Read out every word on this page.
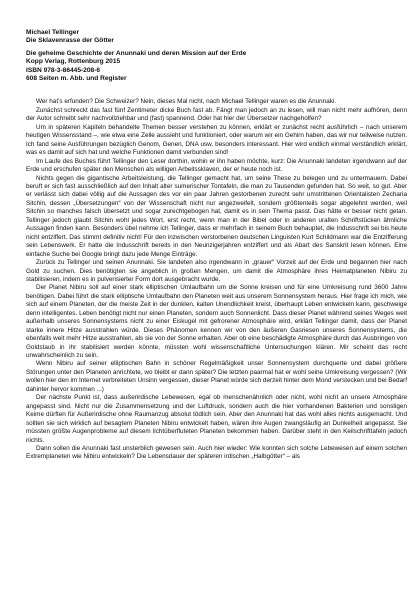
Michael Tellinger
Die Sklavenrasse der Götter
Die geheime Geschichte der Anunnaki und deren Mission auf der Erde
Kopp Verlag, Rottenburg 2015
ISBN 978-3-86445-208-6
608 Seiten m. Abb. und Register

Wer hat’s erfunden? Die Schweizer? Nein, dieses Mal nicht, nach Michael Tellinger waren es die Anunnaki.

Zunächst schreckt das fast fünf Zentimeter dicke Buch fast ab. Fängt man jedoch an zu lesen, will man nicht mehr aufhören, denn der Autor schreibt sehr nachvollziehbar und (fast) spannend. Oder hat hier der Übersetzer nachgeholfen?

Um in späteren Kapiteln behandelte Themen besser verstehen zu können, erklärt er zunächst recht ausführlich – nach unserem heutigen Wissensstand –, wie etwa eine Zelle aussieht und funktioniert, oder warum wir ein Gehirn haben, das wir nur teilweise nutzen. Ich fand seine Ausführungen bezüglich Genom, Genen, DNA usw. besonders interessant. Hier wird endlich einmal verständlich erklärt, was es damit auf sich hat und welche Funktionen damit verbunden sind!

Im Laufe des Buches führt Tellinger den Leser dorthin, wohin er ihn haben möchte, kurz: Die Anunnaki landeten irgendwann auf der Erde und erschufen später den Menschen als willigen Arbeitssklaven, der er heute noch ist.

Nichts gegen die gigantische Arbeitsleistung, die Tellinger gemacht hat, um seine These zu belegen und zu untermauern. Dabei beruft er sich fast ausschließlich auf den Inhalt alter sumerischer Tontafeln, die man zu Tausenden gefunden hat. So weit, so gut. Aber er verlässt sich dabei völlig auf die Aussagen des vor ein paar Jahren gestorbenen zurecht sehr umstrittenen Orientalisten Zecharia Sitchin, dessen „Übersetzungen“ von der Wissenschaft nicht nur angezweifelt, sondern größtenteils sogar abgelehnt werden, weil Sitchin so manches falsch übersetzt und sogar zurechtgebogen hat, damit es in sein Thema passt. Das hätte er besser nicht getan. Tellinger jedoch glaubt Sitchin wohl jedes Wort, erst recht, wenn man in der Bibel oder in anderen uralten Schriftstücken ähnliche Aussagen finden kann. Besonders übel nehme ich Tellinger, dass er mehrfach in seinem Buch behauptet, die Indusschrift sei bis heute nicht entziffert. Das stimmt definitiv nicht! Für den inzwischen verstorbenen deutschen Linguisten Kurt Schildmann war die Entzifferung sein Lebenswerk. Er hatte die Indusschrift bereits in den Neunzigerjahren entziffert und als Abart des Sanskrit lesen können. Eine einfache Suche bei Google bringt dazu jede Menge Einträge.

Zurück zu Tellinger und seinen Anunnaki. Sie landeten also irgendwann in „grauer“ Vorzeit auf der Erde und begannen hier nach Gold zu suchen. Dies benötigten sie angeblich in großen Mengen, um damit die Atmosphäre ihres Heimatplaneten Nibiru zu stabilisieren, indem es in pulverisierter Form dort ausgebracht wurde.

Der Planet Nibiru soll auf einer stark elliptischen Umlaufbahn um die Sonne kreisen und für eine Umkreisung rund 3600 Jahre benötigen. Dabei führt die stark elliptische Umlaufbahn den Planeten weit aus unserem Sonnensystem heraus. Hier frage ich mich, wie sich auf einem Planeten, der die meiste Zeit in der dunklen, kalten Unendlichkeit kreist, überhaupt Leben entwickeln kann, geschweige denn intelligentes. Leben benötigt nicht nur einen Planeten, sondern auch Sonnenlicht. Dass dieser Planet während seines Weges weit außerhalb unseres Sonnensystems nicht zu einer Eiskugel mit gefrorener Atmosphäre wird, erklärt Tellinger damit, dass der Planet starke innere Hitze ausstrahlen würde. Dieses Phänomen kennen wir von den äußeren Gasriesen unseres Sonnensystems, die ebenfalls weit mehr Hitze ausstrahlen, als sie von der Sonne erhalten. Aber ob eine beschädigte Atmosphäre durch das Ausbringen von Goldstaub in ihr stabilisiert werden könnte, müssten wohl wissenschaftliche Untersuchungen klären. Mir scheint das recht unwahrscheinlich zu sein.

Wenn Nibiru auf seiner elliptischen Bahn in schöner Regelmäßigkeit unser Sonnensystem durchquerte und dabei größere Störungen unter den Planeten anrichtete, wo bleibt er dann später? Die letzten paarmal hat er wohl seine Umkreisung vergessen? (Wir wollen hier den im Internet verbreiteten Unsinn vergessen, dieser Planet würde sich derzeit hinter dem Mond verstecken und bei Bedarf dahinter hervor kommen ...)

Der nächste Punkt ist, dass außerirdische Lebewesen, egal ob menschenähnlich oder nicht, wohl nicht an unsere Atmosphäre angepasst sind. Nicht nur die Zusammensetzung und der Luftdruck, sondern auch die hier vorhandenen Bakterien und sonstigen Keime dürften für Außerirdische ohne Raumanzug absolut tödlich sein. Aber den Anunnaki hat das wohl alles nichts ausgemacht. Und sollten sie sich wirklich auf besagtem Planeten Nibiru entwickelt haben, wären ihre Augen zwangsläufig an Dunkelheit angepasst. Sie müssten größte Augenprobleme auf diesem lichtüberfluteten Planeten bekommen haben. Darüber steht in den Keilschrifttafeln jedoch nichts.

Dann sollen die Anunnaki fast unsterblich gewesen sein. Auch hier wieder: Wie konnten sich solche Lebewesen auf einem solchen Extremplaneten wie Nibiru entwickeln? Die Lebensdauer der späteren irdischen „Halbgötter“ – als
